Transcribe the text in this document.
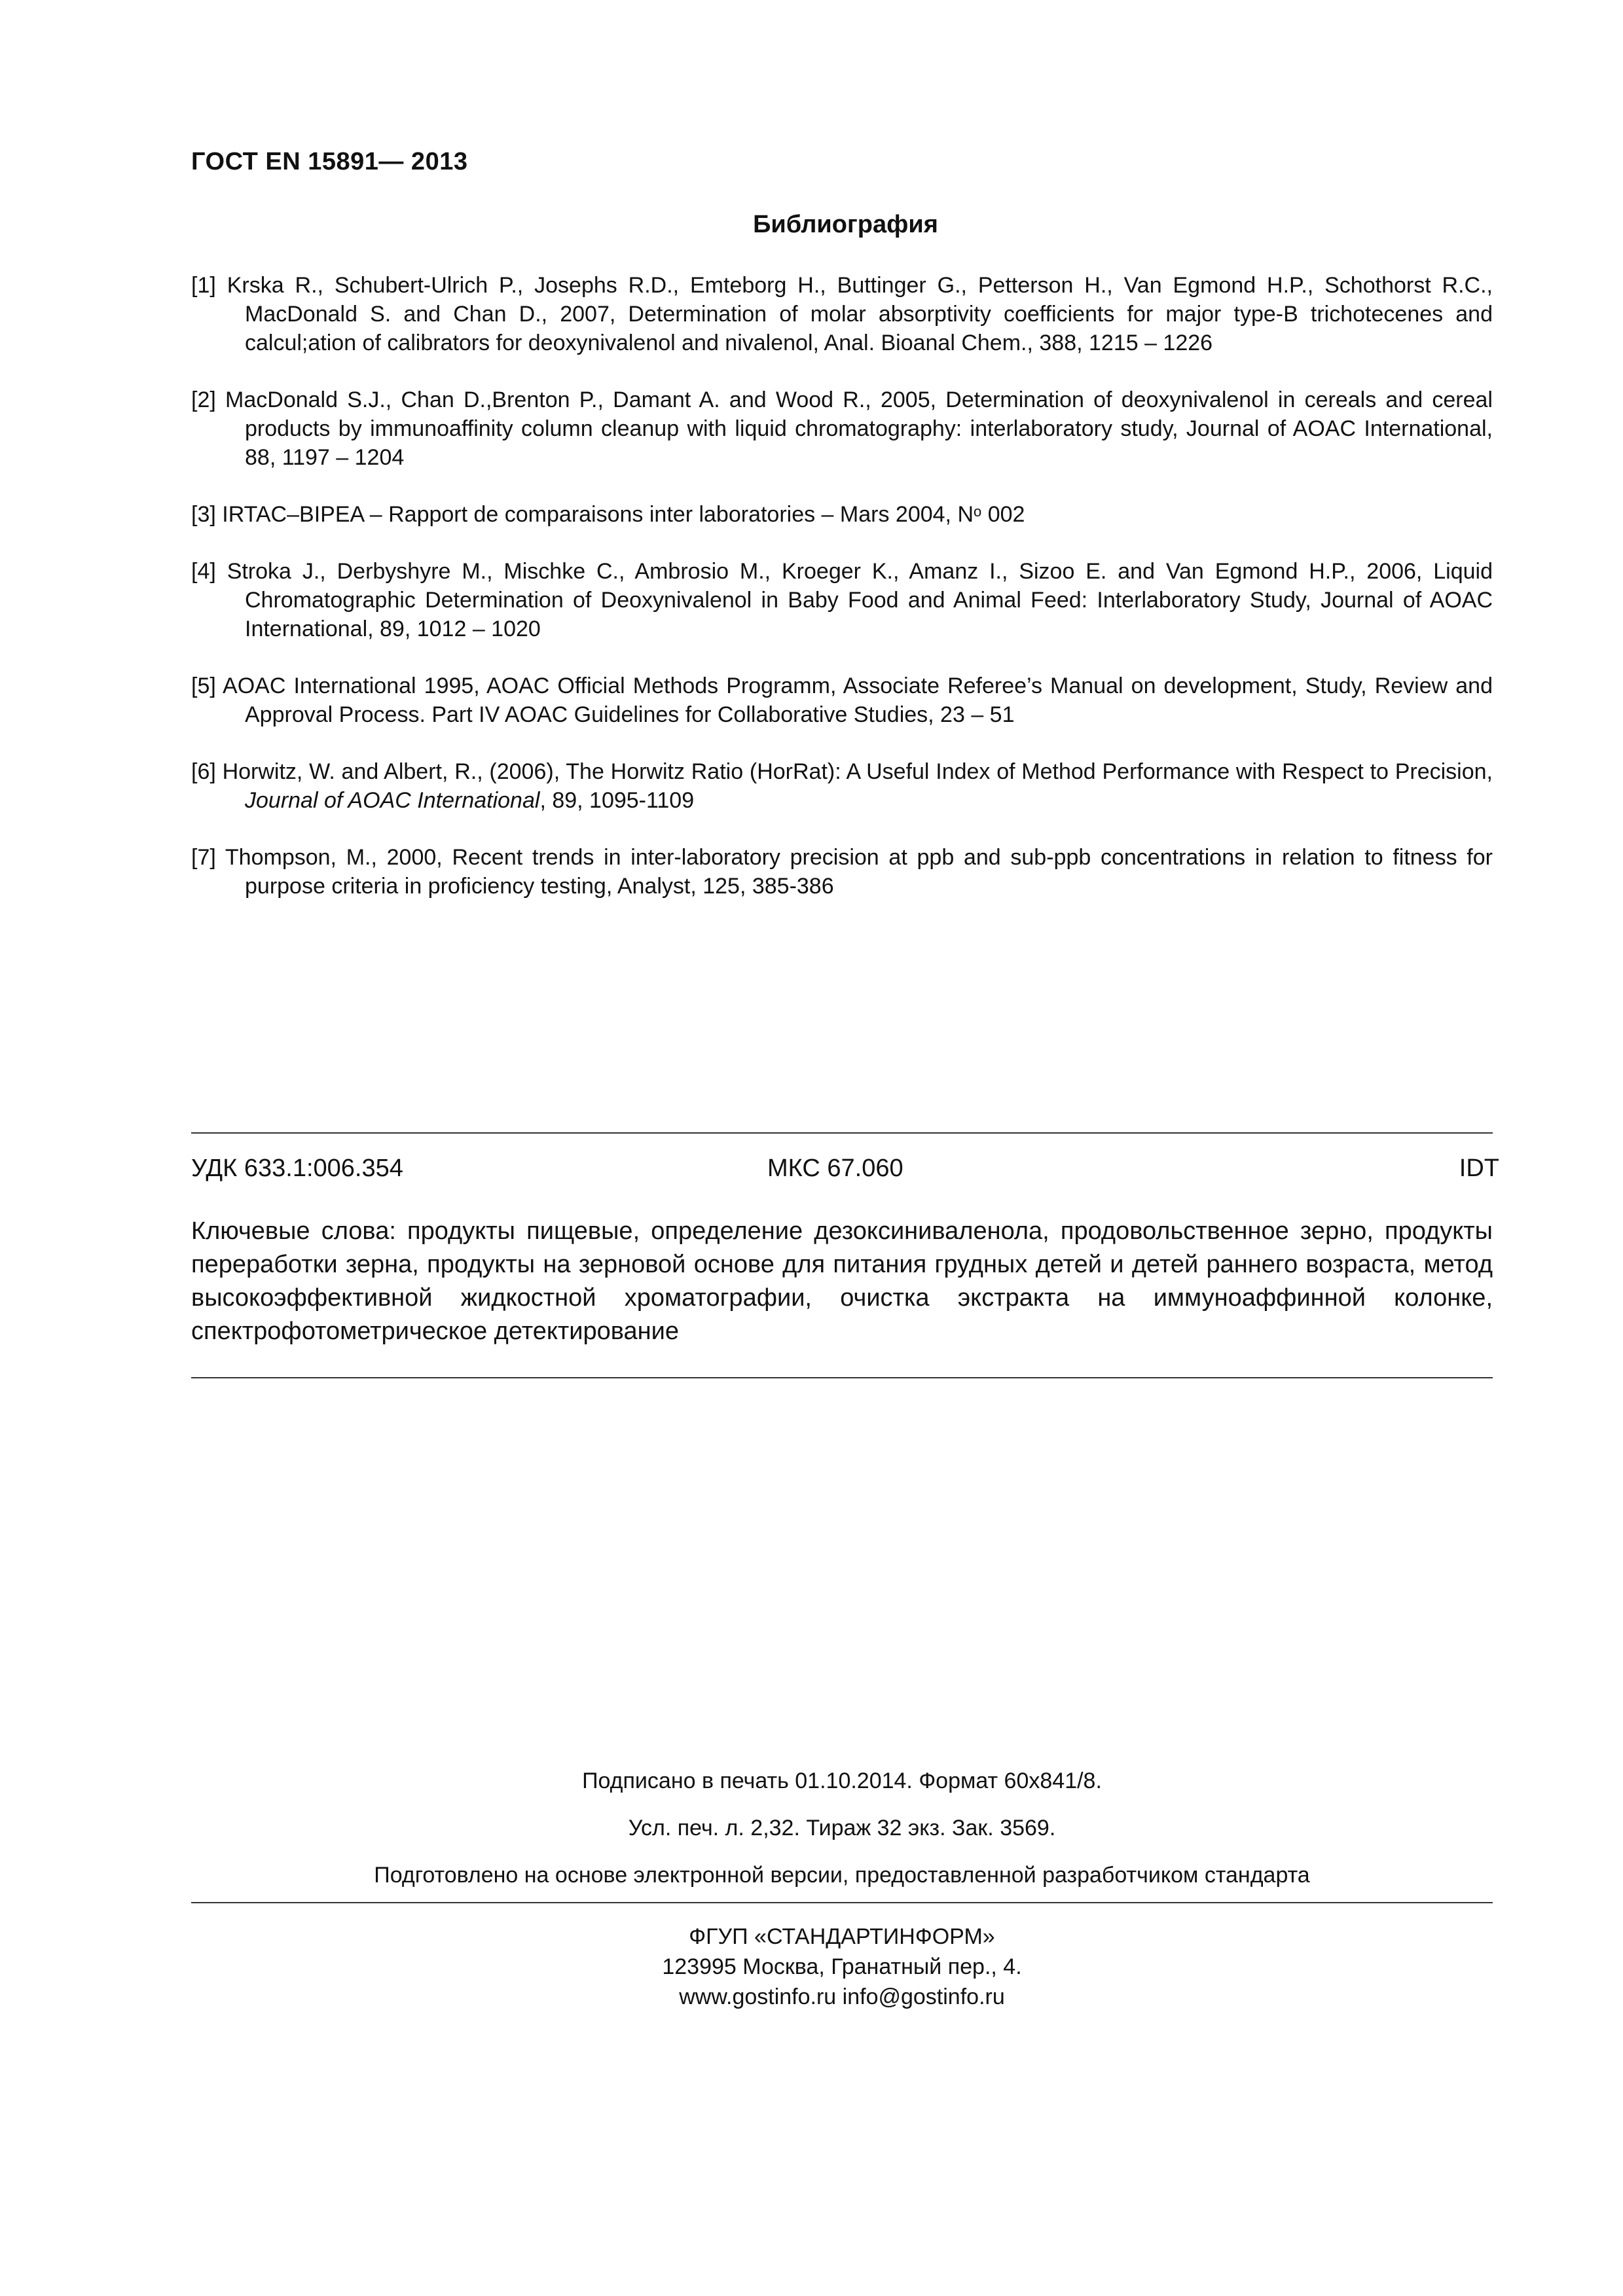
ГОСТ EN 15891— 2013
Библиография
[1] Krska R., Schubert-Ulrich P., Josephs R.D., Emteborg H., Buttinger G., Petterson H., Van Egmond H.P., Schothorst R.C., MacDonald S. and Chan D., 2007, Determination of molar absorptivity coefficients for major type-B trichotecenes and calcul;ation of calibrators for deoxynivalenol and nivalenol, Anal. Bioanal Chem., 388, 1215 – 1226
[2] MacDonald S.J., Chan D.,Brenton P., Damant A. and Wood R., 2005, Determination of deoxynivalenol in cereals and cereal products by immunoaffinity column cleanup with liquid chromatography: interlaboratory study, Journal of AOAC International, 88, 1197 – 1204
[3] IRTAC–BIPEA – Rapport de comparaisons inter laboratories – Mars 2004, $N^o$ 002
[4] Stroka J., Derbyshyre M., Mischke C., Ambrosio M., Kroeger K., Amanz I., Sizoo E. and Van Egmond H.P., 2006, Liquid Chromatographic Determination of Deoxynivalenol in Baby Food and Animal Feed: Interlaboratory Study, Journal of AOAC International, 89, 1012 – 1020
[5] AOAC International 1995, AOAC Official Methods Programm, Associate Referee’s Manual on development, Study, Review and Approval Process. Part IV AOAC Guidelines for Collaborative Studies, 23 – 51
[6] Horwitz, W. and Albert, R., (2006), The Horwitz Ratio (HorRat): A Useful Index of Method Performance with Respect to Precision, Journal of AOAC International, 89, 1095-1109
[7] Thompson, M., 2000, Recent trends in inter-laboratory precision at ppb and sub-ppb concentrations in relation to fitness for purpose criteria in proficiency testing, Analyst, 125, 385-386
УДК 633.1:006.354	МКС 67.060	IDT
Ключевые слова: продукты пищевые, определение дезоксиниваленола, продовольственное зерно, продукты переработки зерна, продукты на зерновой основе для питания грудных детей и детей раннего возраста, метод высокоэффективной жидкостной хроматографии, очистка экстракта на иммуноаффинной колонке, спектрофотометрическое детектирование
Подписано в печать 01.10.2014. Формат 60x841/8.
Усл. печ. л. 2,32. Тираж 32 экз. Зак. 3569.
Подготовлено на основе электронной версии, предоставленной разработчиком стандарта
ФГУП «СТАНДАРТИНФОРМ»
123995 Москва, Гранатный пер., 4.
www.gostinfo.ru info@gostinfo.ru
